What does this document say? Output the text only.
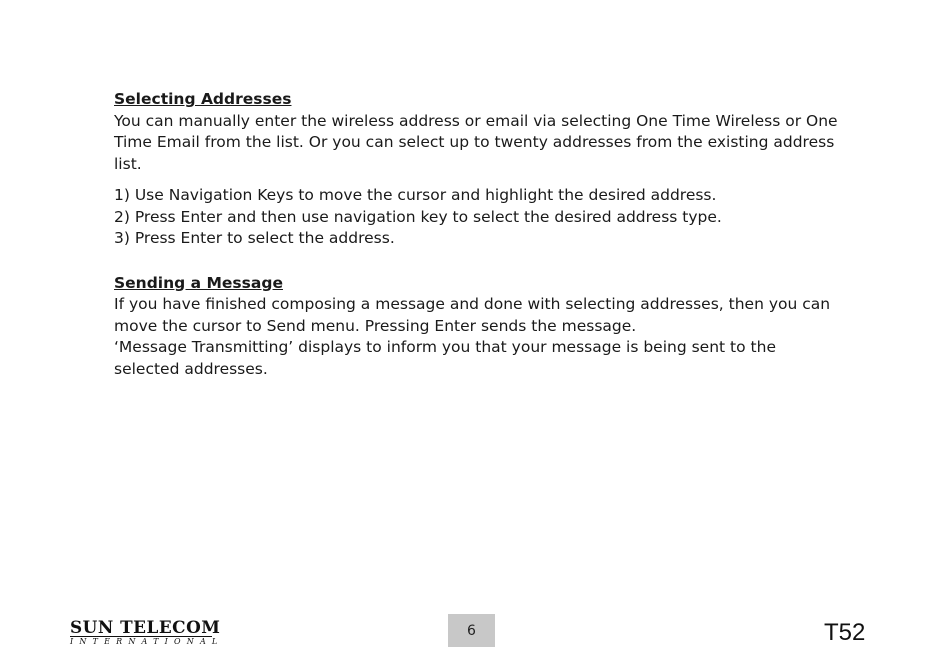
Selecting Addresses

You can manually enter the wireless address or email via selecting One Time Wireless or One Time Email from the list. Or you can select up to twenty addresses from the existing address list.

1) Use Navigation Keys to move the cursor and highlight the desired address.

2) Press Enter and then use navigation key to select the desired address type.

3) Press Enter to select the address.

Sending a Message

If you have finished composing a message and done with selecting addresses, then you can move the cursor to Send menu. Pressing Enter sends the message.

‘Message Transmitting’ displays to inform you that your message is being sent to the selected addresses.

SUN TELECOM

INTERNATIONAL
6	T52
